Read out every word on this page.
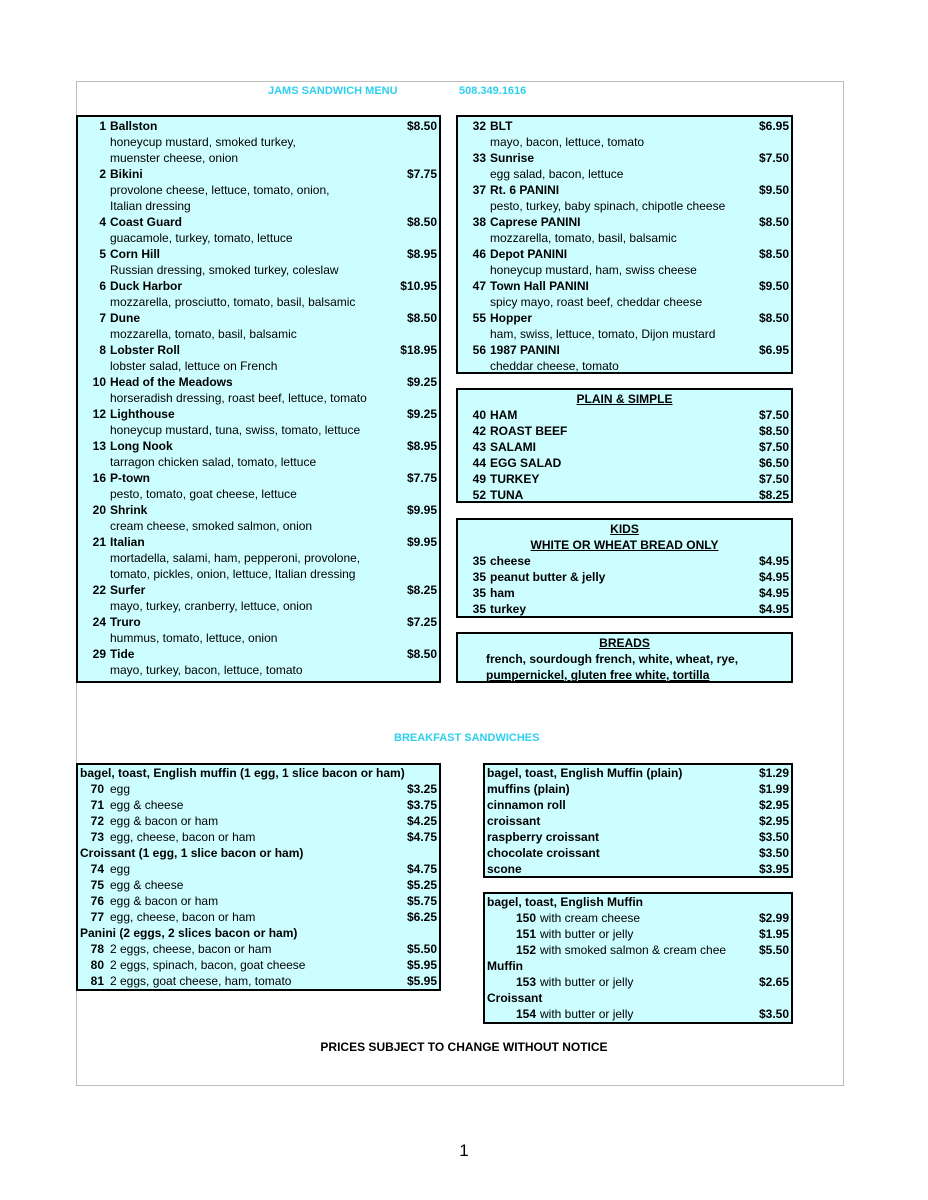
JAMS SANDWICH MENU	508.349.1616
1 Ballston	$8.50
honeycup mustard, smoked turkey,
muenster cheese, onion
2 Bikini	$7.75
provolone cheese, lettuce, tomato, onion,
Italian dressing
4 Coast Guard	$8.50
guacamole, turkey, tomato, lettuce
5 Corn Hill	$8.95
Russian dressing, smoked turkey, coleslaw
6 Duck Harbor	$10.95
mozzarella, prosciutto, tomato, basil, balsamic
7 Dune	$8.50
mozzarella, tomato, basil, balsamic
8 Lobster Roll	$18.95
lobster salad, lettuce on French
10 Head of the Meadows	$9.25
horseradish dressing, roast beef, lettuce, tomato
12 Lighthouse	$9.25
honeycup mustard, tuna, swiss, tomato, lettuce
13 Long Nook	$8.95
tarragon chicken salad, tomato, lettuce
16 P-town	$7.75
pesto, tomato, goat cheese, lettuce
20 Shrink	$9.95
cream cheese, smoked salmon, onion
21 Italian	$9.95
mortadella, salami, ham, pepperoni, provolone,
tomato, pickles, onion, lettuce, Italian dressing
22 Surfer	$8.25
mayo, turkey, cranberry, lettuce, onion
24 Truro	$7.25
hummus, tomato, lettuce, onion
29 Tide	$8.50
mayo, turkey, bacon, lettuce, tomato
32 BLT	$6.95
mayo, bacon, lettuce, tomato
33 Sunrise	$7.50
egg salad, bacon, lettuce
37 Rt. 6 PANINI	$9.50
pesto, turkey, baby spinach, chipotle cheese
38 Caprese PANINI	$8.50
mozzarella, tomato, basil, balsamic
46 Depot PANINI	$8.50
honeycup mustard, ham, swiss cheese
47 Town Hall PANINI	$9.50
spicy mayo, roast beef, cheddar cheese
55 Hopper	$8.50
ham, swiss, lettuce, tomato, Dijon mustard
56 1987 PANINI	$6.95
cheddar cheese, tomato
PLAIN & SIMPLE
40 HAM	$7.50
42 ROAST BEEF	$8.50
43 SALAMI	$7.50
44 EGG SALAD	$6.50
49 TURKEY	$7.50
52 TUNA	$8.25
KIDS
WHITE OR WHEAT BREAD ONLY
35 cheese	$4.95
35 peanut butter & jelly	$4.95
35 ham	$4.95
35 turkey	$4.95
BREADS
french, sourdough french, white, wheat, rye,
pumpernickel, gluten free white, tortilla
BREAKFAST SANDWICHES
bagel, toast, English muffin (1 egg, 1 slice bacon or ham)
70 egg	$3.25
71 egg & cheese	$3.75
72 egg & bacon or ham	$4.25
73 egg, cheese, bacon or ham	$4.75
Croissant (1 egg, 1 slice bacon or ham)
74 egg	$4.75
75 egg & cheese	$5.25
76 egg & bacon or ham	$5.75
77 egg, cheese, bacon or ham	$6.25
Panini (2 eggs, 2 slices bacon or ham)
78 2 eggs, cheese, bacon or ham	$5.50
80 2 eggs, spinach, bacon, goat cheese	$5.95
81 2 eggs, goat cheese, ham, tomato	$5.95
bagel, toast, English Muffin (plain)	$1.29
muffins (plain)	$1.99
cinnamon roll	$2.95
croissant	$2.95
raspberry croissant	$3.50
chocolate croissant	$3.50
scone	$3.95
bagel, toast, English Muffin
150 with cream cheese	$2.99
151 with butter or jelly	$1.95
152 with smoked salmon & cream chee	$5.50
Muffin
153 with butter or jelly	$2.65
Croissant
154 with butter or jelly	$3.50
PRICES SUBJECT TO CHANGE WITHOUT NOTICE
1
